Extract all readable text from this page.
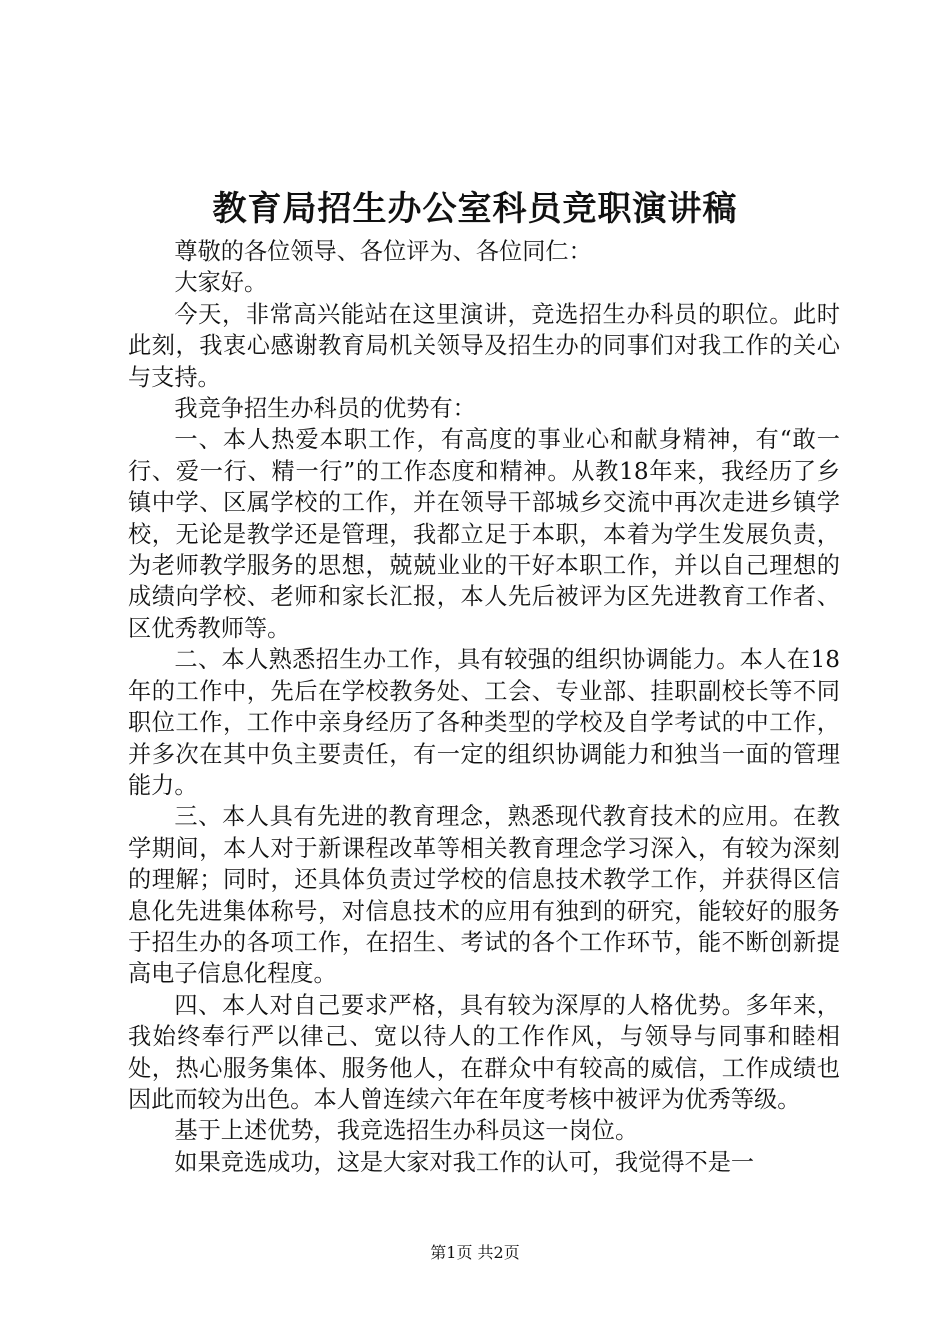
教育局招生办公室科员竞职演讲稿

尊敬的各位领导、各位评为、各位同仁：

大家好。

今天，非常高兴能站在这里演讲，竞选招生办科员的职位。此时此刻，我衷心感谢教育局机关领导及招生办的同事们对我工作的关心与支持。

我竞争招生办科员的优势有：

一、本人热爱本职工作，有高度的事业心和献身精神，有“敢一行、爱一行、精一行”的工作态度和精神。从教18年来，我经历了乡镇中学、区属学校的工作，并在领导干部城乡交流中再次走进乡镇学校，无论是教学还是管理，我都立足于本职，本着为学生发展负责，为老师教学服务的思想，兢兢业业的干好本职工作，并以自己理想的成绩向学校、老师和家长汇报，本人先后被评为区先进教育工作者、区优秀教师等。

二、本人熟悉招生办工作，具有较强的组织协调能力。本人在18年的工作中，先后在学校教务处、工会、专业部、挂职副校长等不同职位工作，工作中亲身经历了各种类型的学校及自学考试的中工作，并多次在其中负主要责任，有一定的组织协调能力和独当一面的管理能力。

三、本人具有先进的教育理念，熟悉现代教育技术的应用。在教学期间，本人对于新课程改革等相关教育理念学习深入，有较为深刻的理解；同时，还具体负责过学校的信息技术教学工作，并获得区信息化先进集体称号，对信息技术的应用有独到的研究，能较好的服务于招生办的各项工作，在招生、考试的各个工作环节，能不断创新提高电子信息化程度。

四、本人对自己要求严格，具有较为深厚的人格优势。多年来，我始终奉行严以律己、宽以待人的工作作风，与领导与同事和睦相处，热心服务集体、服务他人，在群众中有较高的威信，工作成绩也因此而较为出色。本人曾连续六年在年度考核中被评为优秀等级。

基于上述优势，我竞选招生办科员这一岗位。

如果竞选成功，这是大家对我工作的认可，我觉得不是一

第1页 共2页
